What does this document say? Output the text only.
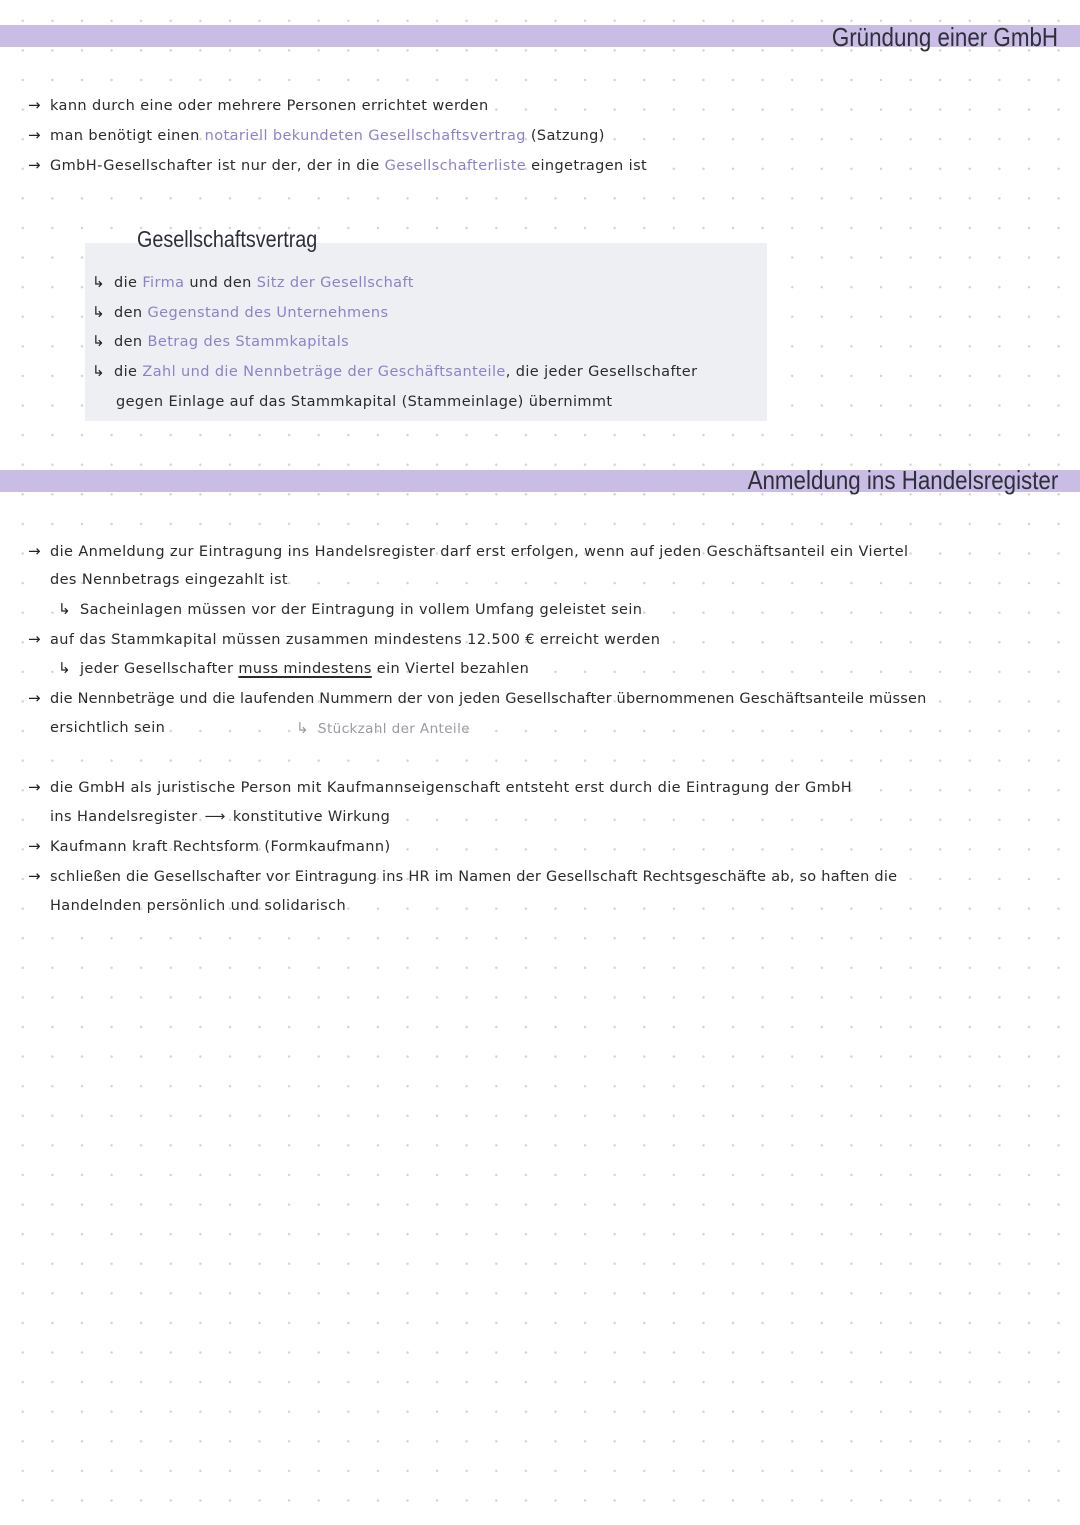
Gründung einer GmbH
→ kann durch eine oder mehrere Personen errichtet werden
→ man benötigt einen notariell bekundeten Gesellschaftsvertrag (Satzung)
→ GmbH-Gesellschafter ist nur der, der in die Gesellschafterliste eingetragen ist
Gesellschaftsvertrag
↳ die Firma und den Sitz der Gesellschaft
↳ den Gegenstand des Unternehmens
↳ den Betrag des Stammkapitals
↳ die Zahl und die Nennbeträge der Geschäftsanteile, die jeder Gesellschafter
gegen Einlage auf das Stammkapital (Stammeinlage) übernimmt
Anmeldung ins Handelsregister
→ die Anmeldung zur Eintragung ins Handelsregister darf erst erfolgen, wenn auf jeden Geschäftsanteil ein Viertel
des Nennbetrags eingezahlt ist
↳ Sacheinlagen müssen vor der Eintragung in vollem Umfang geleistet sein
→ auf das Stammkapital müssen zusammen mindestens 12.500 € erreicht werden
↳ jeder Gesellschafter muss mindestens ein Viertel bezahlen
→ die Nennbeträge und die laufenden Nummern der von jeden Gesellschafter übernommenen Geschäftsanteile müssen
ersichtlich sein	↳ Stückzahl der Anteile
→ die GmbH als juristische Person mit Kaufmannseigenschaft entsteht erst durch die Eintragung der GmbH
ins Handelsregister ⟶ konstitutive Wirkung
→ Kaufmann kraft Rechtsform (Formkaufmann)
→ schließen die Gesellschafter vor Eintragung ins HR im Namen der Gesellschaft Rechtsgeschäfte ab, so haften die
Handelnden persönlich und solidarisch
